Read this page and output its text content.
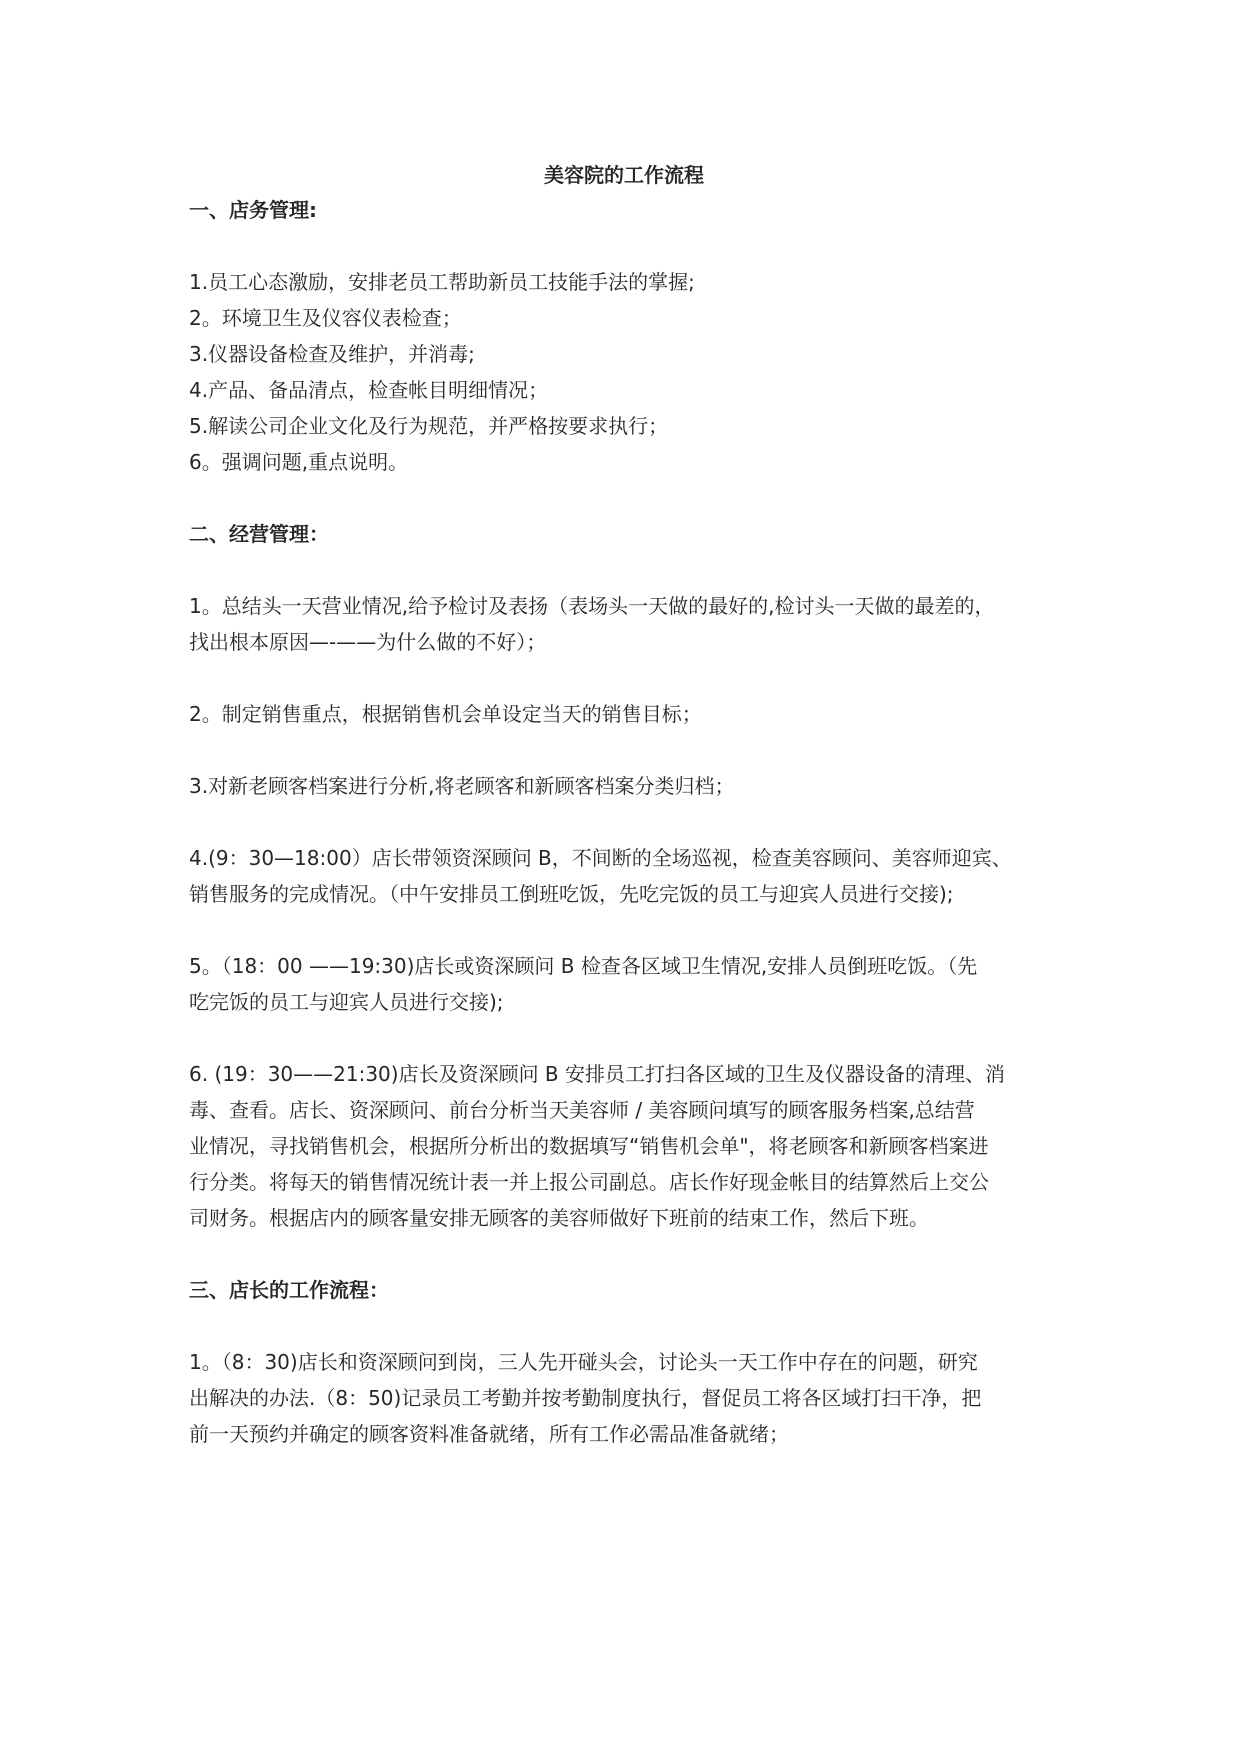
美容院的工作流程
一、店务管理:

1.员工心态激励，安排老员工帮助新员工技能手法的掌握;

2。环境卫生及仪容仪表检查；

3.仪器设备检查及维护，并消毒;

4.产品、备品清点，检查帐目明细情况；

5.解读公司企业文化及行为规范，并严格按要求执行；

6。强调问题,重点说明。

二、经营管理：

1。总结头一天营业情况,给予检讨及表扬（表场头一天做的最好的,检讨头一天做的最差的，

找出根本原因—-——为什么做的不好）；

2。制定销售重点，根据销售机会单设定当天的销售目标；

3.对新老顾客档案进行分析,将老顾客和新顾客档案分类归档；

4.(9：30—18:00）店长带领资深顾问 B，不间断的全场巡视，检查美容顾问、美容师迎宾、

销售服务的完成情况。（中午安排员工倒班吃饭，先吃完饭的员工与迎宾人员进行交接);

5。（18：00 ——19:30)店长或资深顾问 B 检查各区域卫生情况,安排人员倒班吃饭。（先

吃完饭的员工与迎宾人员进行交接);

6. (19：30——21:30)店长及资深顾问 B 安排员工打扫各区域的卫生及仪器设备的清理、消

毒、查看。店长、资深顾问、前台分析当天美容师 / 美容顾问填写的顾客服务档案,总结营

业情况，寻找销售机会，根据所分析出的数据填写“销售机会单"，将老顾客和新顾客档案进

行分类。将每天的销售情况统计表一并上报公司副总。店长作好现金帐目的结算然后上交公

司财务。根据店内的顾客量安排无顾客的美容师做好下班前的结束工作，然后下班。

三、店长的工作流程：

1。（8：30)店长和资深顾问到岗，三人先开碰头会，讨论头一天工作中存在的问题，研究

出解决的办法.（8：50)记录员工考勤并按考勤制度执行，督促员工将各区域打扫干净，把

前一天预约并确定的顾客资料准备就绪，所有工作必需品准备就绪；
